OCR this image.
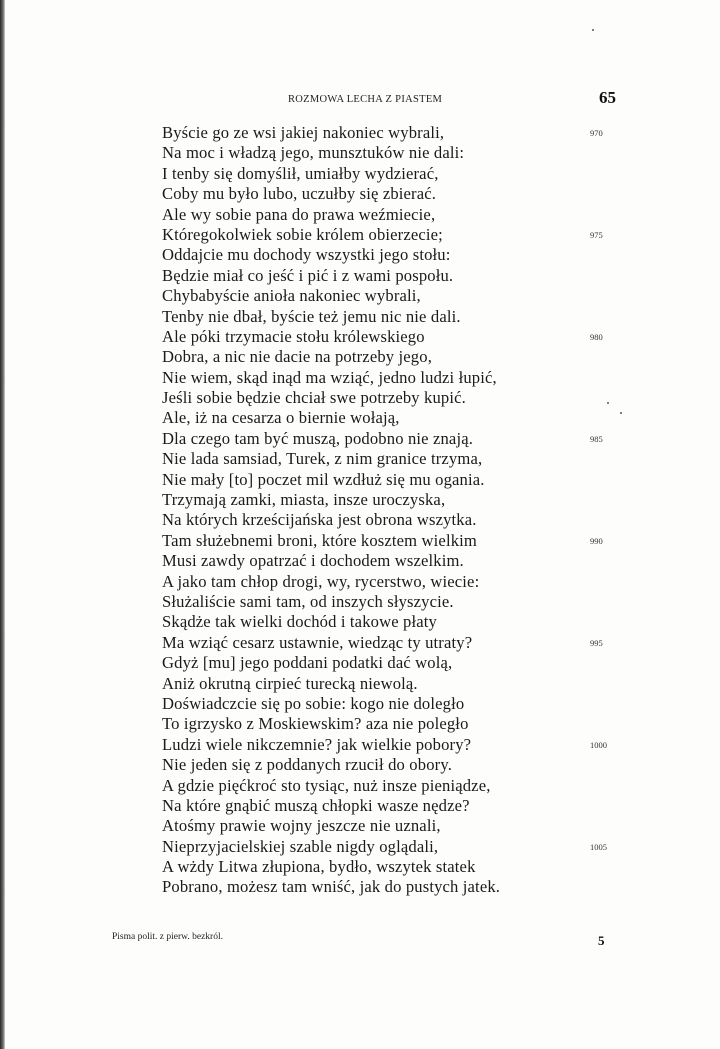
ROZMOWA LECHA Z PIASTEM	65
Byście go ze wsi jakiej nakoniec wybrali,	970
Na moc i władzą jego, munsztuków nie dali:
I tenby się domyślił, umiałby wydzierać,
Coby mu było lubo, uczułby się zbierać.
Ale wy sobie pana do prawa weźmiecie,
Któregokolwiek sobie królem obierzecie;	975
Oddajcie mu dochody wszystki jego stołu:
Będzie miał co jeść i pić i z wami pospołu.
Chybabyście anioła nakoniec wybrali,
Tenby nie dbał, byście też jemu nic nie dali.
Ale póki trzymacie stołu królewskiego	980
Dobra, a nic nie dacie na potrzeby jego,
Nie wiem, skąd inąd ma wziąć, jedno ludzi łupić,
Jeśli sobie będzie chciał swe potrzeby kupić.
Ale, iż na cesarza o biernie wołają,
Dla czego tam być muszą, podobno nie znają.	985
Nie lada samsiad, Turek, z nim granice trzyma,
Nie mały [to] poczet mil wzdłuż się mu ogania.
Trzymają zamki, miasta, insze uroczyska,
Na których krześcijańska jest obrona wszytka.
Tam służebnemi broni, które kosztem wielkim	990
Musi zawdy opatrzać i dochodem wszelkim.
A jako tam chłop drogi, wy, rycerstwo, wiecie:
Służaliście sami tam, od inszych słyszycie.
Skądże tak wielki dochód i takowe płaty
Ma wziąć cesarz ustawnie, wiedząc ty utraty?	995
Gdyż [mu] jego poddani podatki dać wolą,
Aniż okrutną cirpieć turecką niewolą.
Doświadczcie się po sobie: kogo nie doległo
To igrzysko z Moskiewskim? aza nie poległo
Ludzi wiele nikczemnie? jak wielkie pobory?	1000
Nie jeden się z poddanych rzucił do obory.
A gdzie pięćkroć sto tysiąc, nuż insze pieniądze,
Na które gnąbić muszą chłopki wasze nędze?
Atośmy prawie wojny jeszcze nie uznali,
Nieprzyjacielskiej szable nigdy oglądali,	1005
A wżdy Litwa złupiona, bydło, wszytek statek
Pobrano, możesz tam wniść, jak do pustych jatek.
Pisma polit. z pierw. bezkról.	5
